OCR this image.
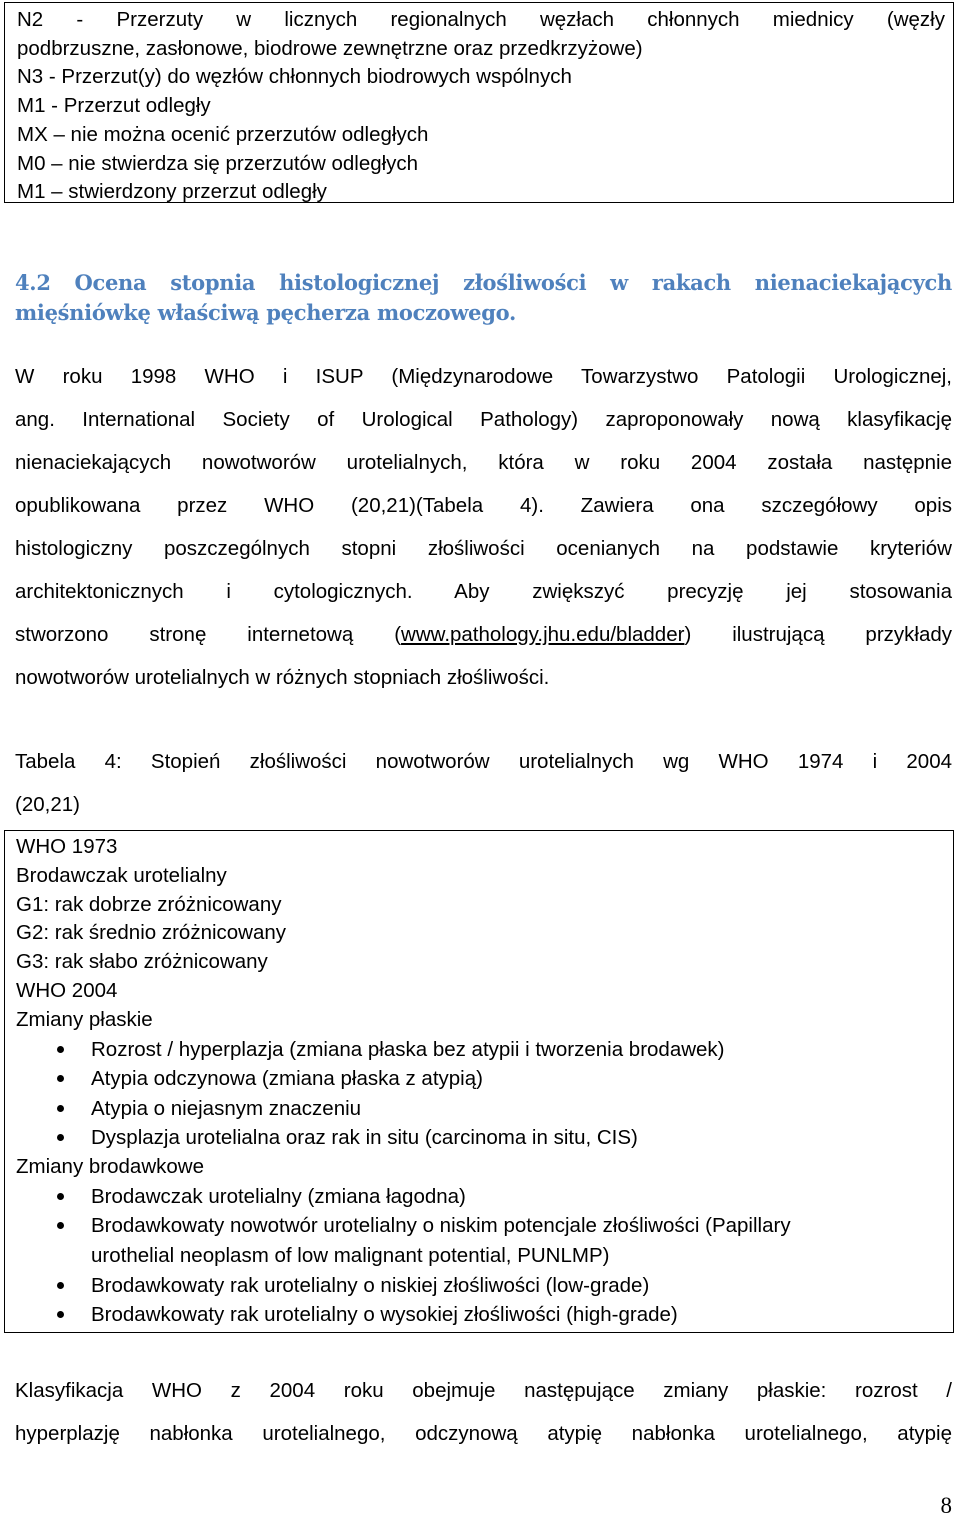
N2 - Przerzuty w licznych regionalnych węzłach chłonnych miednicy (węzły
podbrzuszne, zasłonowe, biodrowe zewnętrzne oraz przedkrzyżowe)
N3 - Przerzut(y) do węzłów chłonnych biodrowych wspólnych
M1 - Przerzut odległy
MX – nie można ocenić przerzutów odległych
M0 – nie stwierdza się przerzutów odległych
M1 – stwierdzony przerzut odległy
4.2 Ocena stopnia histologicznej złośliwości w rakach nienaciekających
mięśniówkę właściwą pęcherza moczowego.
W roku 1998 WHO i ISUP (Międzynarodowe Towarzystwo Patologii Urologicznej,
ang. International Society of Urological Pathology) zaproponowały nową klasyfikację
nienaciekających nowotworów urotelialnych, która w roku 2004 została następnie
opublikowana przez WHO (20,21)(Tabela 4). Zawiera ona szczegółowy opis
histologiczny poszczególnych stopni złośliwości ocenianych na podstawie kryteriów
architektonicznych i cytologicznych. Aby zwiększyć precyzję jej stosowania
stworzono stronę internetową (www.pathology.jhu.edu/bladder) ilustrującą przykłady
nowotworów urotelialnych w różnych stopniach złośliwości.
Tabela 4: Stopień złośliwości nowotworów urotelialnych wg WHO 1974 i 2004
(20,21)
WHO 1973
Brodawczak urotelialny
G1: rak dobrze zróżnicowany
G2: rak średnio zróżnicowany
G3: rak słabo zróżnicowany
WHO 2004
Zmiany płaskie
Rozrost / hyperplazja (zmiana płaska bez atypii i tworzenia brodawek)
Atypia odczynowa (zmiana płaska z atypią)
Atypia o niejasnym znaczeniu
Dysplazja urotelialna oraz rak in situ (carcinoma in situ, CIS)
Zmiany brodawkowe
Brodawczak urotelialny (zmiana łagodna)
Brodawkowaty nowotwór urotelialny o niskim potencjale złośliwości (Papillary
urothelial neoplasm of low malignant potential, PUNLMP)
Brodawkowaty rak urotelialny o niskiej złośliwości (low-grade)
Brodawkowaty rak urotelialny o wysokiej złośliwości (high-grade)
Klasyfikacja WHO z 2004 roku obejmuje następujące zmiany płaskie: rozrost /
hyperplazję nabłonka urotelialnego, odczynową atypię nabłonka urotelialnego, atypię
8
